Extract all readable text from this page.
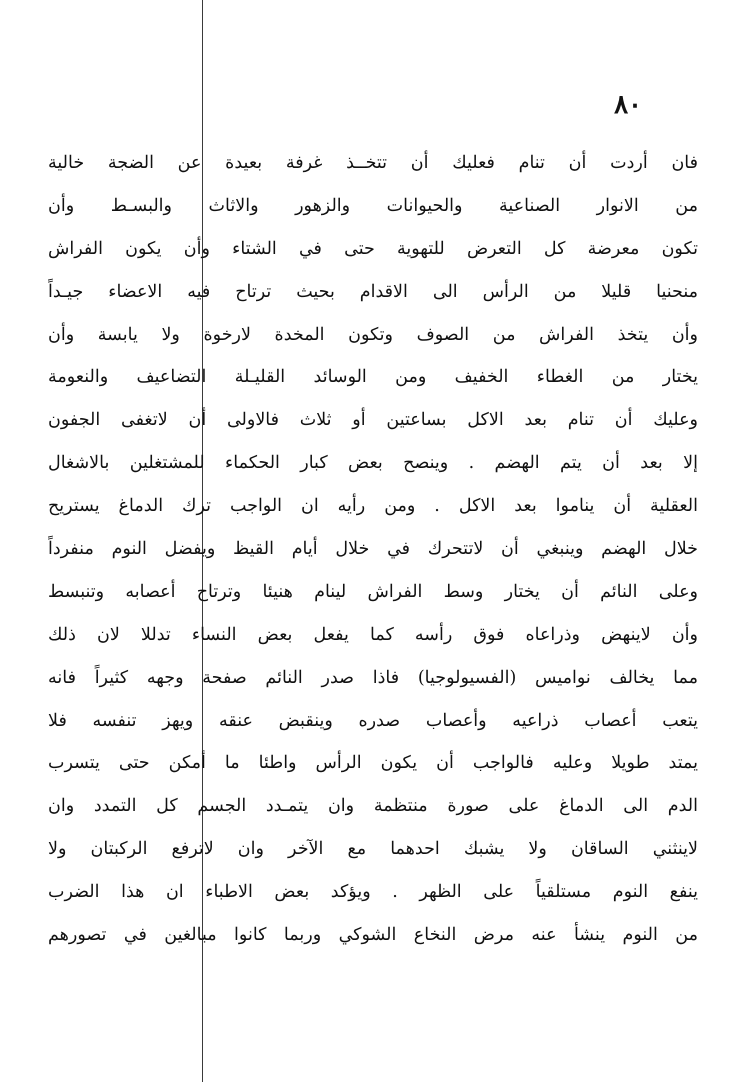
٨٠
فان أردت أن تنام فعليك أن تتخــذ غرفة بعيدة عن الضجة خالية
من الانوار الصناعية والحيوانات والزهور والاثاث والبسـط وأن
تكون معرضة كل التعرض للتهوية حتى في الشتاء وأن يكون الفراش
منحنيا قليلا من الرأس الى الاقدام بحيث ترتاح فيه الاعضاء جيـداً
وأن يتخذ الفراش من الصوف وتكون المخدة لارخوة ولا يابسة وأن
يختار من الغطاء الخفيف ومن الوسائد القليـلة التضاعيف والنعومة
وعليك أن تنام بعد الاكل بساعتين أو ثلاث فالاولى أن لاتغفى الجفون
إلا بعد أن يتم الهضم . وينصح بعض كبار الحكماء للمشتغلين بالاشغال
العقلية أن يناموا بعد الاكل . ومن رأيه ان الواجب ترك الدماغ يستريح
خلال الهضم وينبغي أن لاتتحرك في خلال أيام القيظ ويفضل النوم منفرداً
وعلى النائم أن يختار وسط الفراش لينام هنيئا وترتاح أعصابه وتنبسط
وأن لاينهض وذراعاه فوق رأسه كما يفعل بعض النساء تدللا لان ذلك
مما يخالف نواميس (الفسيولوجيا) فاذا صدر النائم صفحة وجهه كثيراً فانه
يتعب أعصاب ذراعيه وأعصاب صدره وينقبض عنقه ويهز تنفسه فلا
يمتد طويلا وعليه فالواجب أن يكون الرأس واطئا ما أمكن حتى يتسرب
الدم الى الدماغ على صورة منتظمة وان يتمـدد الجسم كل التمدد وان
لاينثني الساقان ولا يشبك احدهما مع الآخر وان لاترفع الركبتان ولا
ينفع النوم مستلقياً على الظهر . ويؤكد بعض الاطباء ان هذا الضرب
من النوم ينشأ عنه مرض النخاع الشوكي وربما كانوا مبالغين في تصورهم
